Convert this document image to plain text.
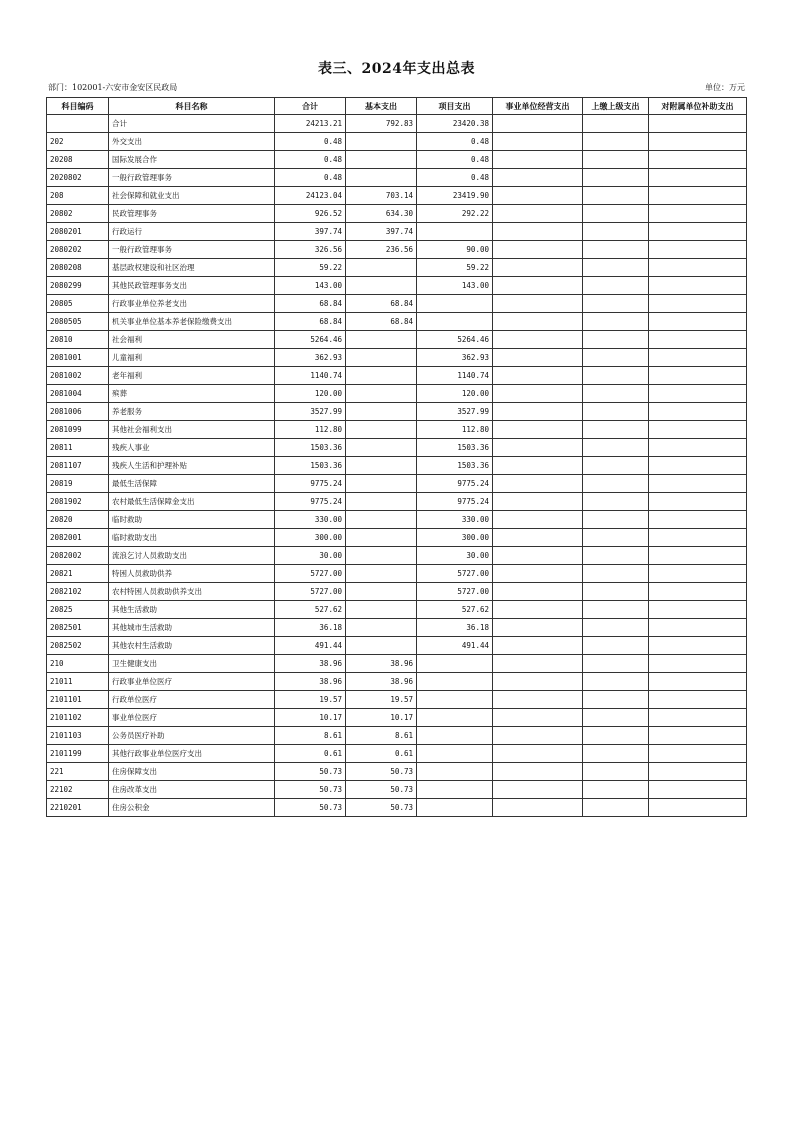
表三、2024年支出总表
部门：102001-六安市金安区民政局	单位：万元
科目编码	科目名称	合计	基本支出	项目支出	事业单位经营支出	上缴上级支出	对附属单位补助支出
	合计	24213.21	792.83	23420.38			
202	外交支出	0.48		0.48			
20208	国际发展合作	0.48		0.48			
2020802	一般行政管理事务	0.48		0.48			
208	社会保障和就业支出	24123.04	703.14	23419.90			
20802	民政管理事务	926.52	634.30	292.22			
2080201	行政运行	397.74	397.74				
2080202	一般行政管理事务	326.56	236.56	90.00			
2080208	基层政权建设和社区治理	59.22		59.22			
2080299	其他民政管理事务支出	143.00		143.00			
20805	行政事业单位养老支出	68.84	68.84				
2080505	机关事业单位基本养老保险缴费支出	68.84	68.84				
20810	社会福利	5264.46		5264.46			
2081001	儿童福利	362.93		362.93			
2081002	老年福利	1140.74		1140.74			
2081004	殡葬	120.00		120.00			
2081006	养老服务	3527.99		3527.99			
2081099	其他社会福利支出	112.80		112.80			
20811	残疾人事业	1503.36		1503.36			
2081107	残疾人生活和护理补贴	1503.36		1503.36			
20819	最低生活保障	9775.24		9775.24			
2081902	农村最低生活保障金支出	9775.24		9775.24			
20820	临时救助	330.00		330.00			
2082001	临时救助支出	300.00		300.00			
2082002	流浪乞讨人员救助支出	30.00		30.00			
20821	特困人员救助供养	5727.00		5727.00			
2082102	农村特困人员救助供养支出	5727.00		5727.00			
20825	其他生活救助	527.62		527.62			
2082501	其他城市生活救助	36.18		36.18			
2082502	其他农村生活救助	491.44		491.44			
210	卫生健康支出	38.96	38.96				
21011	行政事业单位医疗	38.96	38.96				
2101101	行政单位医疗	19.57	19.57				
2101102	事业单位医疗	10.17	10.17				
2101103	公务员医疗补助	8.61	8.61				
2101199	其他行政事业单位医疗支出	0.61	0.61				
221	住房保障支出	50.73	50.73				
22102	住房改革支出	50.73	50.73				
2210201	住房公积金	50.73	50.73				
